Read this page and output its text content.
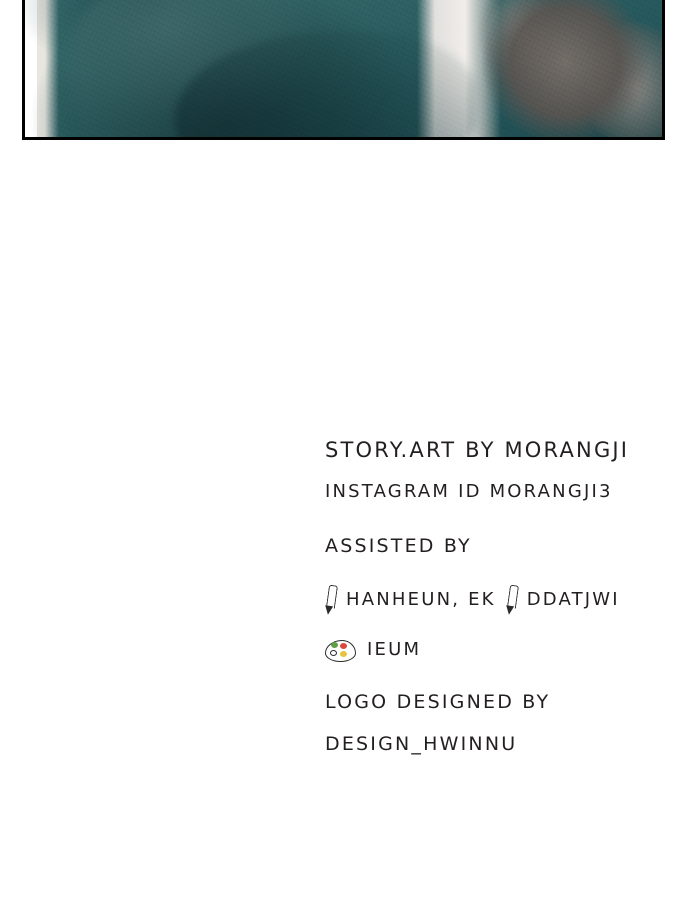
STORY.ART BY MORANGJI
INSTAGRAM ID MORANGJI3
ASSISTED BY
HANHEUN, EK DDATJWI
IEUM
LOGO DESIGNED BY
DESIGN_HWINNU
